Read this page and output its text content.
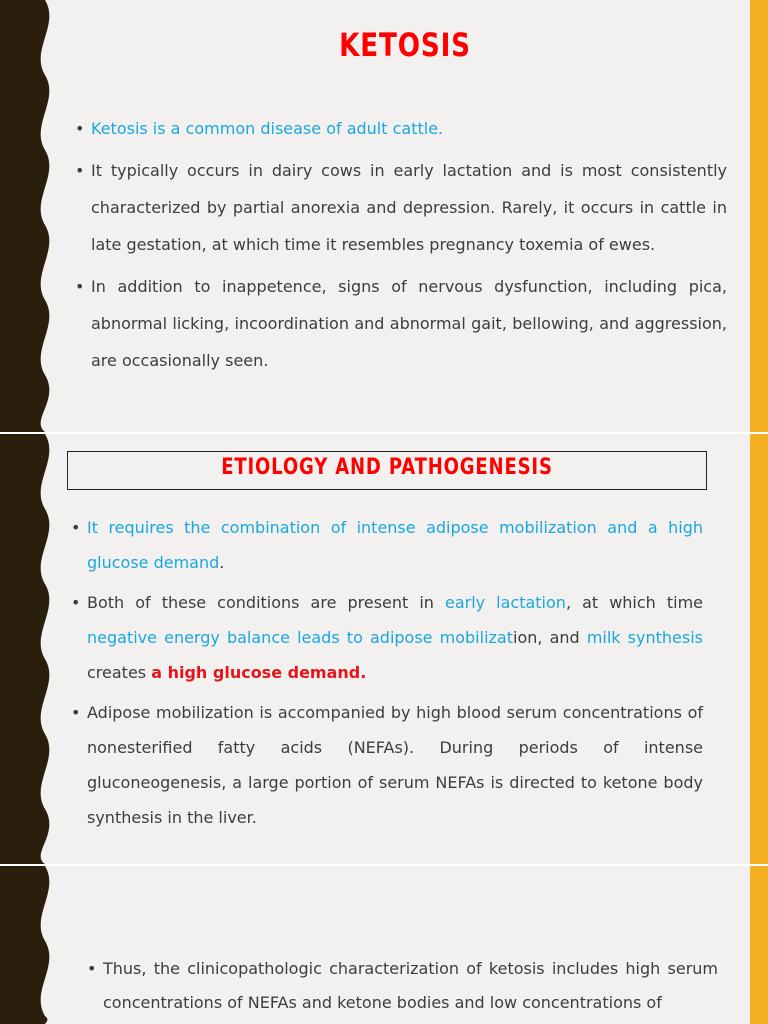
KETOSIS
• Ketosis is a common disease of adult cattle.
• It typically occurs in dairy cows in early lactation and is most consistently characterized by partial anorexia and depression. Rarely, it occurs in cattle in late gestation, at which time it resembles pregnancy toxemia of ewes.
• In addition to inappetence, signs of nervous dysfunction, including pica, abnormal licking, incoordination and abnormal gait, bellowing, and aggression, are occasionally seen.
ETIOLOGY AND PATHOGENESIS
• It requires the combination of intense adipose mobilization and a high glucose demand.
• Both of these conditions are present in early lactation, at which time negative energy balance leads to adipose mobilization, and milk synthesis creates a high glucose demand.
• Adipose mobilization is accompanied by high blood serum concentrations of nonesterified fatty acids (NEFAs). During periods of intense gluconeogenesis, a large portion of serum NEFAs is directed to ketone body synthesis in the liver.
• Thus, the clinicopathologic characterization of ketosis includes high serum concentrations of NEFAs and ketone bodies and low concentrations of
